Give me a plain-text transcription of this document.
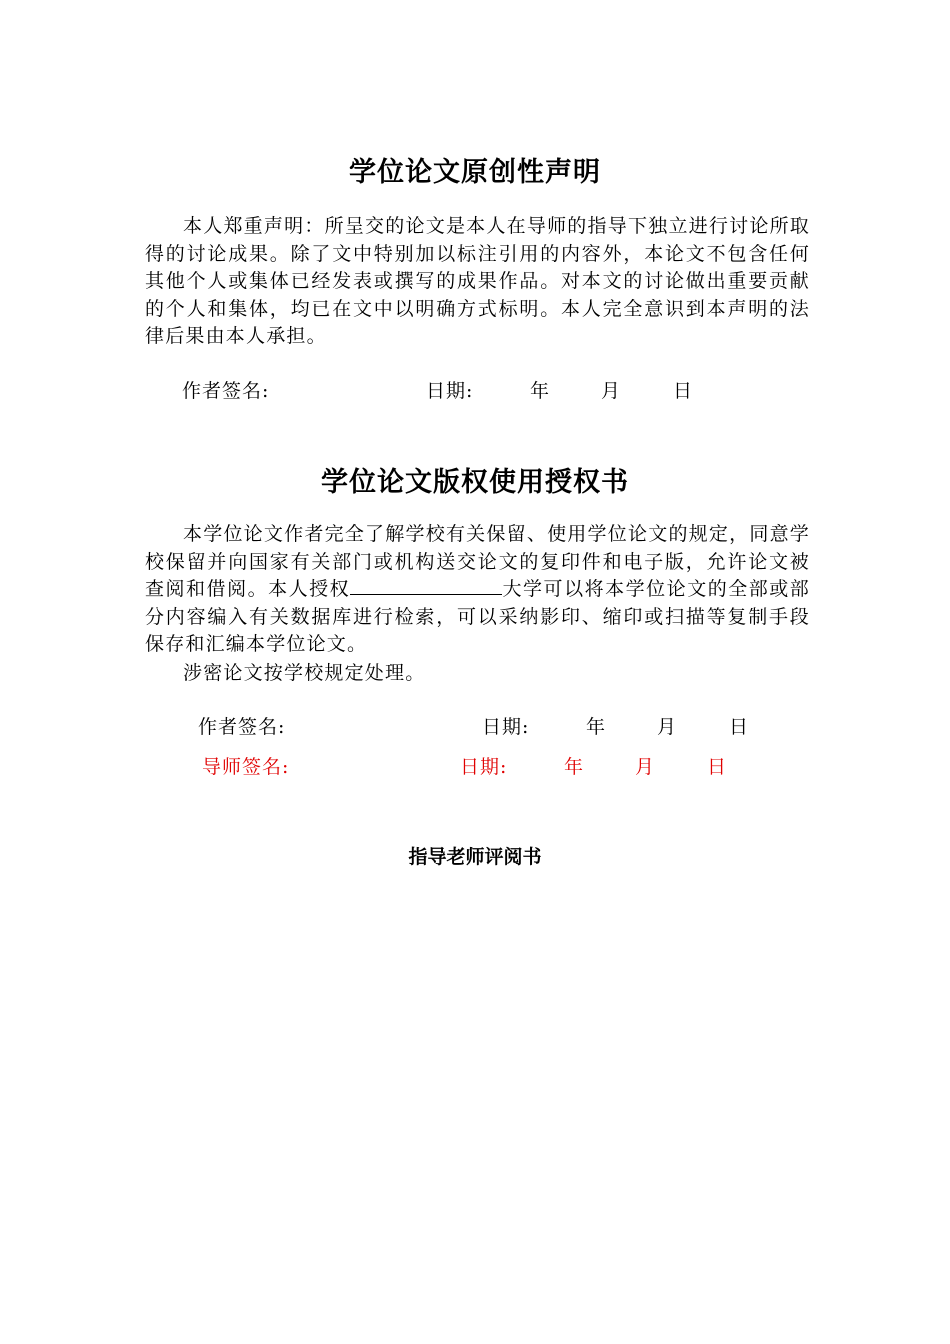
学位论文原创性声明
本人郑重声明：所呈交的论文是本人在导师的指导下独立进行讨论所取得的讨论成果。除了文中特别加以标注引用的内容外，本论文不包含任何其他个人或集体已经发表或撰写的成果作品。对本文的讨论做出重要贡献的个人和集体，均已在文中以明确方式标明。本人完全意识到本声明的法律后果由本人承担。
作者签名:	日期:	年	月	日
学位论文版权使用授权书
本学位论文作者完全了解学校有关保留、使用学位论文的规定，同意学校保留并向国家有关部门或机构送交论文的复印件和电子版，允许论文被查阅和借阅。本人授权	大学可以将本学位论文的全部或部分内容编入有关数据库进行检索，可以采纳影印、缩印或扫描等复制手段保存和汇编本学位论文。
涉密论文按学校规定处理。
作者签名:	日期:	年	月	日
导师签名:	日期:	年	月	日
指导老师评阅书
